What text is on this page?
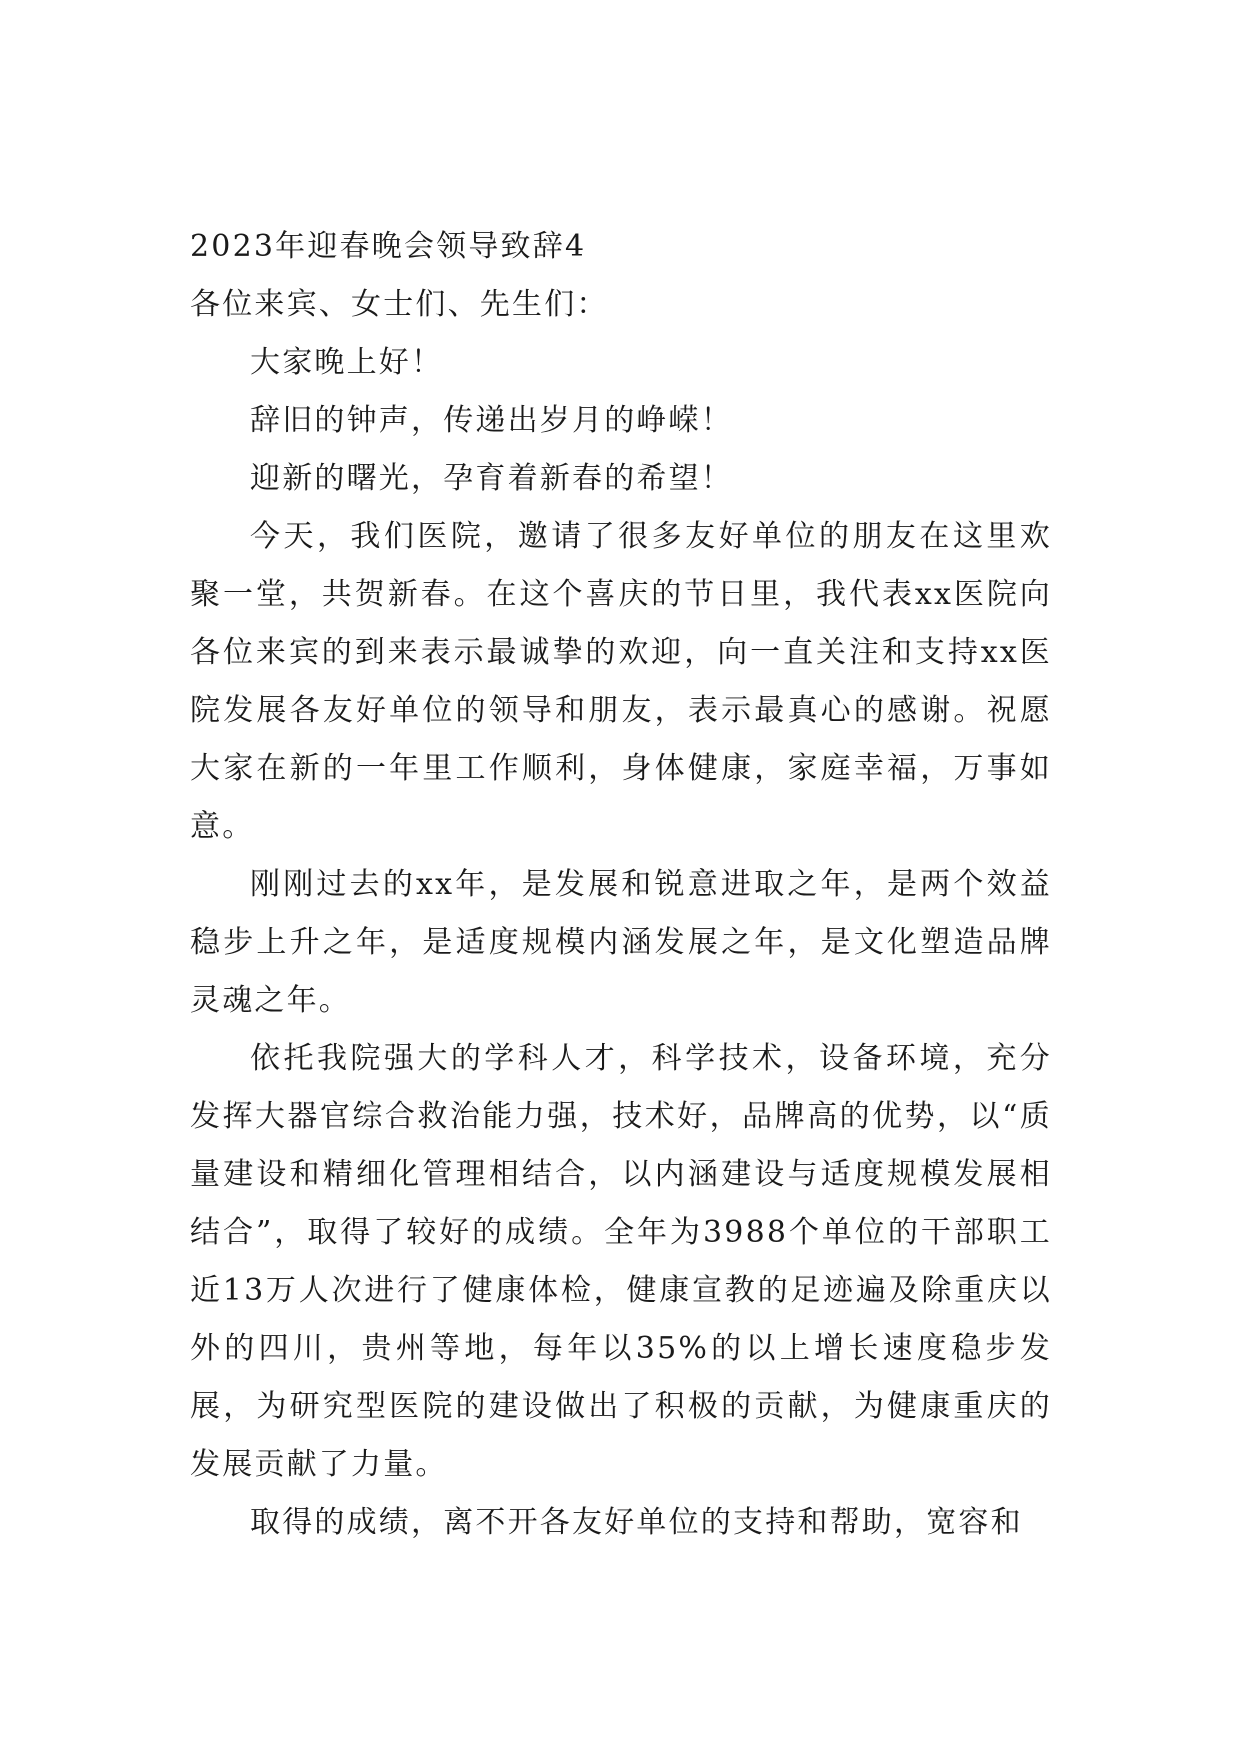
2023年迎春晚会领导致辞4

各位来宾、女士们、先生们：

大家晚上好！

辞旧的钟声，传递出岁月的峥嵘！

迎新的曙光，孕育着新春的希望！

今天，我们医院，邀请了很多友好单位的朋友在这里欢聚一堂，共贺新春。在这个喜庆的节日里，我代表xx医院向各位来宾的到来表示最诚挚的欢迎，向一直关注和支持xx医院发展各友好单位的领导和朋友，表示最真心的感谢。祝愿大家在新的一年里工作顺利，身体健康，家庭幸福，万事如意。

刚刚过去的xx年，是发展和锐意进取之年，是两个效益稳步上升之年，是适度规模内涵发展之年，是文化塑造品牌灵魂之年。

依托我院强大的学科人才，科学技术，设备环境，充分发挥大器官综合救治能力强，技术好，品牌高的优势，以“质量建设和精细化管理相结合，以内涵建设与适度规模发展相结合”，取得了较好的成绩。全年为3988个单位的干部职工近13万人次进行了健康体检，健康宣教的足迹遍及除重庆以外的四川，贵州等地，每年以35%的以上增长速度稳步发展，为研究型医院的建设做出了积极的贡献，为健康重庆的发展贡献了力量。

取得的成绩，离不开各友好单位的支持和帮助，宽容和
